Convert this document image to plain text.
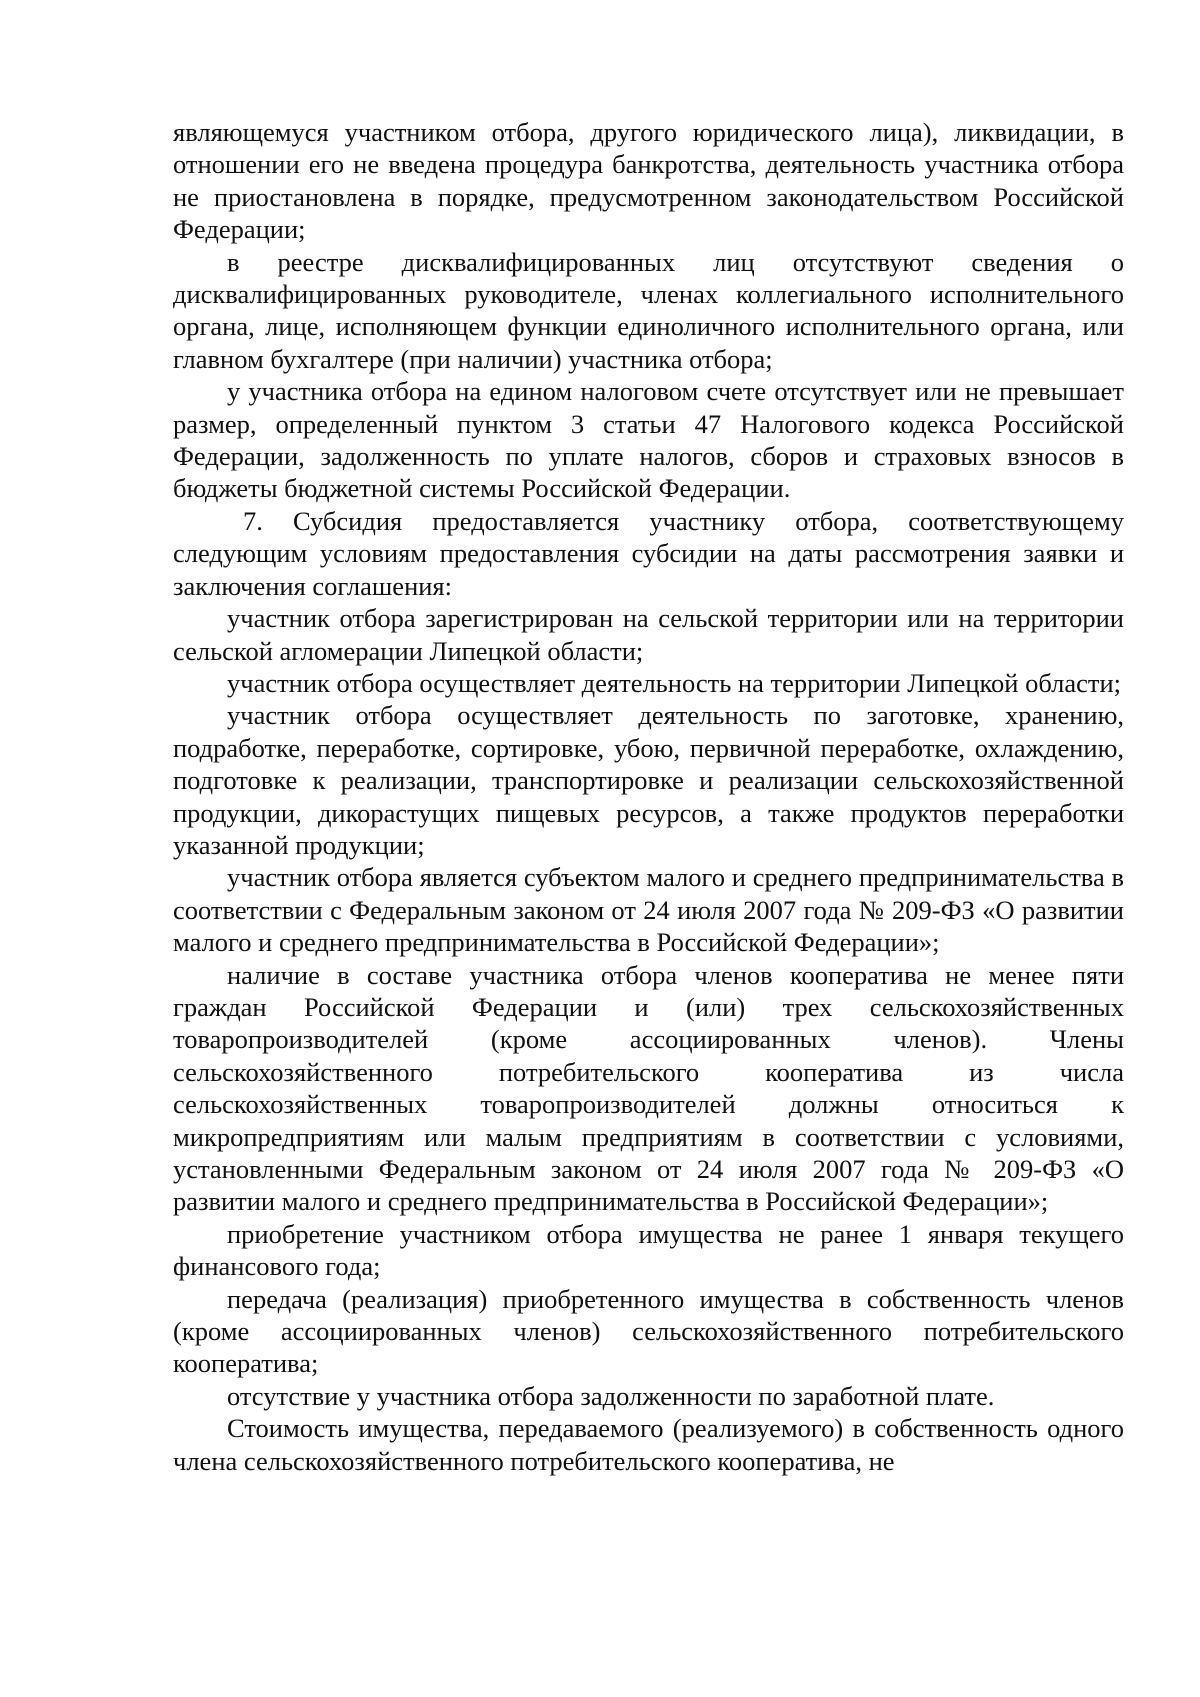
являющемуся участником отбора, другого юридического лица), ликвидации, в отношении его не введена процедура банкротства, деятельность участника отбора не приостановлена в порядке, предусмотренном законодательством Российской Федерации;

в реестре дисквалифицированных лиц отсутствуют сведения о дисквалифицированных руководителе, членах коллегиального исполнительного органа, лице, исполняющем функции единоличного исполнительного органа, или главном бухгалтере (при наличии) участника отбора;

у участника отбора на едином налоговом счете отсутствует или не превышает размер, определенный пунктом 3 статьи 47 Налогового кодекса Российской Федерации, задолженность по уплате налогов, сборов и страховых взносов в бюджеты бюджетной системы Российской Федерации.

7. Субсидия предоставляется участнику отбора, соответствующему следующим условиям предоставления субсидии на даты рассмотрения заявки и заключения соглашения:

участник отбора зарегистрирован на сельской территории или на территории сельской агломерации Липецкой области;

участник отбора осуществляет деятельность на территории Липецкой области;

участник отбора осуществляет деятельность по заготовке, хранению, подработке, переработке, сортировке, убою, первичной переработке, охлаждению, подготовке к реализации, транспортировке и реализации сельскохозяйственной продукции, дикорастущих пищевых ресурсов, а также продуктов переработки указанной продукции;

участник отбора является субъектом малого и среднего предпринимательства в соответствии с Федеральным законом от 24 июля 2007 года № 209-ФЗ «О развитии малого и среднего предпринимательства в Российской Федерации»;

наличие в составе участника отбора членов кооператива не менее пяти граждан Российской Федерации и (или) трех сельскохозяйственных товаропроизводителей (кроме ассоциированных членов). Члены сельскохозяйственного потребительского кооператива из числа сельскохозяйственных товаропроизводителей должны относиться к микропредприятиям или малым предприятиям в соответствии с условиями, установленными Федеральным законом от 24 июля 2007 года № 209-ФЗ «О развитии малого и среднего предпринимательства в Российской Федерации»;

приобретение участником отбора имущества не ранее 1 января текущего финансового года;

передача (реализация) приобретенного имущества в собственность членов (кроме ассоциированных членов) сельскохозяйственного потребительского кооператива;

отсутствие у участника отбора задолженности по заработной плате.

Стоимость имущества, передаваемого (реализуемого) в собственность одного члена сельскохозяйственного потребительского кооператива, не
